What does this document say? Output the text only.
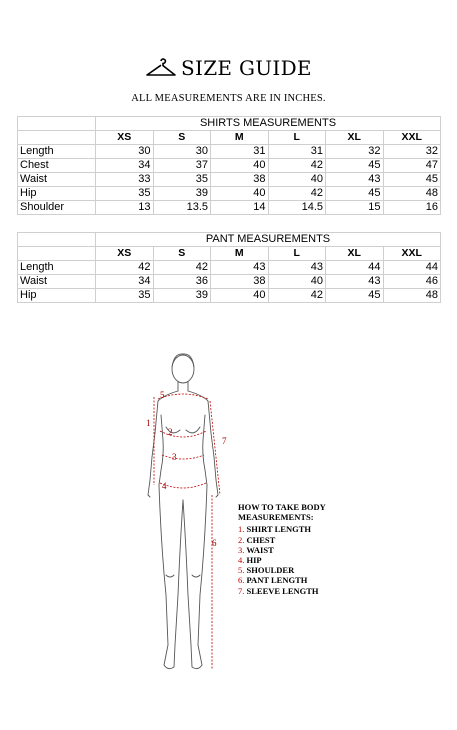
SIZE GUIDE
ALL MEASUREMENTS ARE IN INCHES.
	SHIRTS MEASUREMENTS					
	XS	S	M	L	XL	XXL
Length	30	30	31	31	32	32
Chest	34	37	40	42	45	47
Waist	33	35	38	40	43	45
Hip	35	39	40	42	45	48
Shoulder	13	13.5	14	14.5	15	16
	PANT MEASUREMENTS					
	XS	S	M	L	XL	XXL
Length	42	42	43	43	44	44
Waist	34	36	38	40	43	46
Hip	35	39	40	42	45	48
1
2
3
4
5
6
7
HOW TO TAKE BODY MEASUREMENTS:
1. SHIRT LENGTH
2. CHEST
3. WAIST
4. HIP
5. SHOULDER
6. PANT LENGTH
7. SLEEVE LENGTH
